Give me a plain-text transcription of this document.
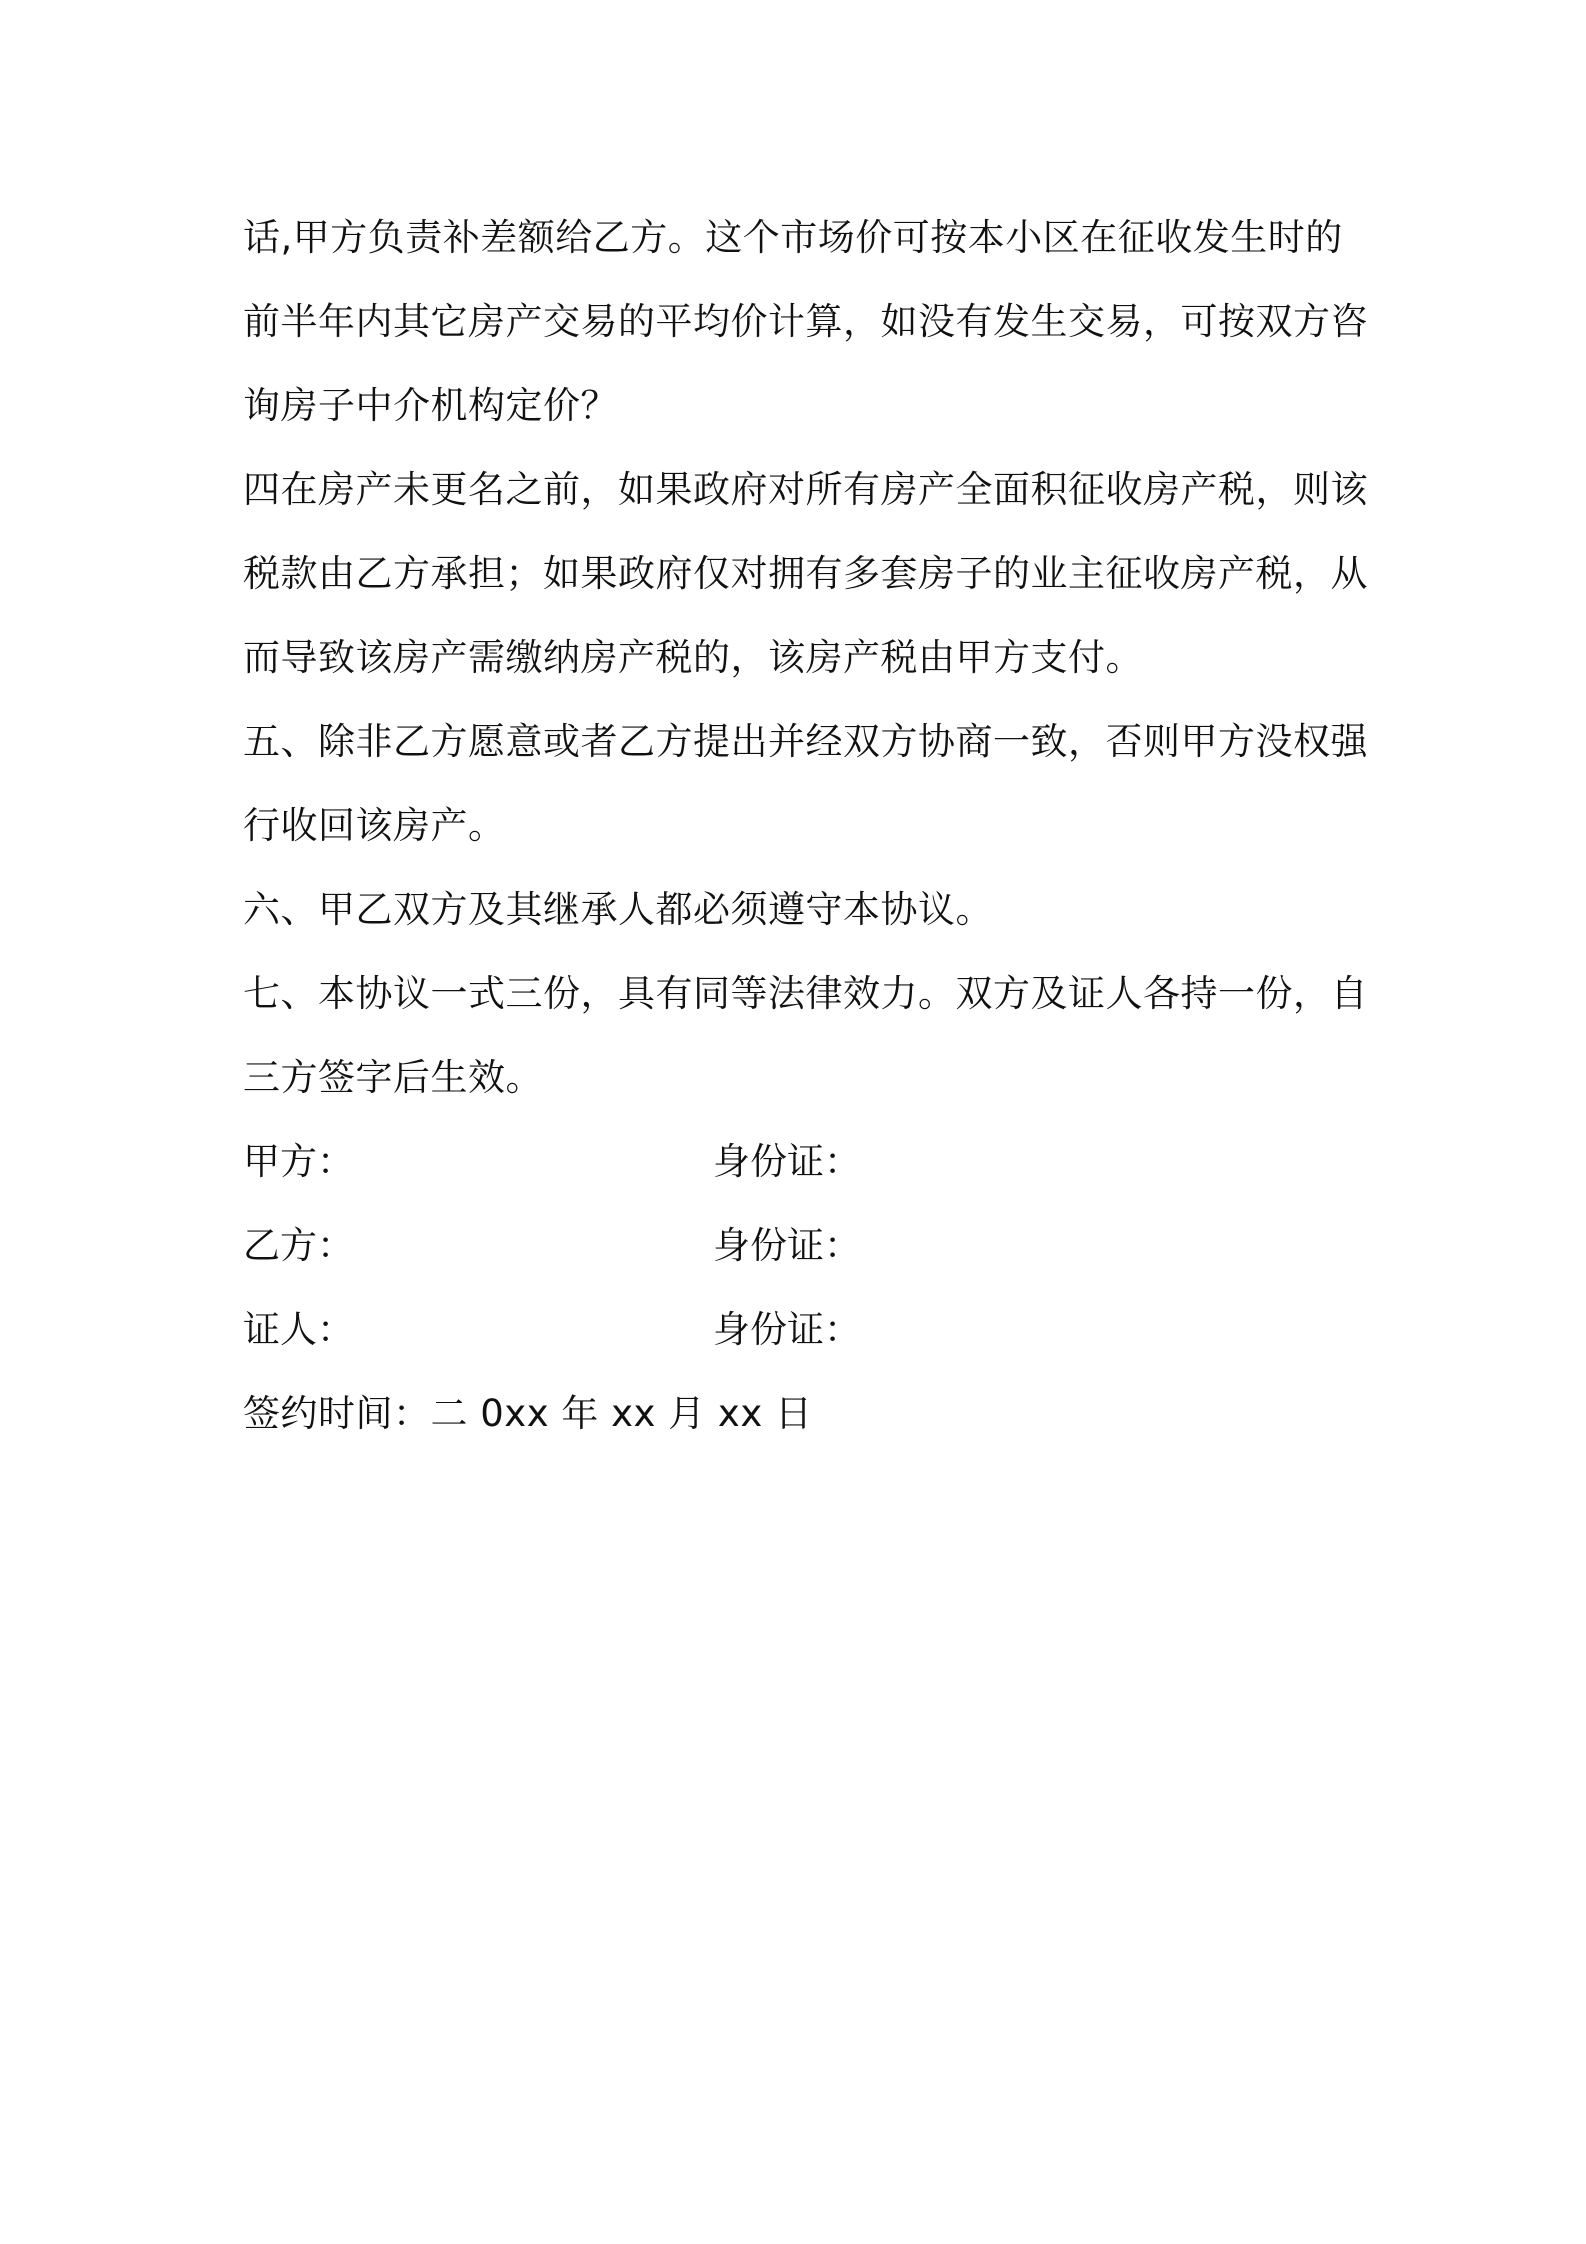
话,甲方负责补差额给乙方。这个市场价可按本小区在征收发生时的
前半年内其它房产交易的平均价计算，如没有发生交易，可按双方咨
询房子中介机构定价？
四在房产未更名之前，如果政府对所有房产全面积征收房产税，则该
税款由乙方承担；如果政府仅对拥有多套房子的业主征收房产税，从
而导致该房产需缴纳房产税的，该房产税由甲方支付。
五、除非乙方愿意或者乙方提出并经双方协商一致，否则甲方没权强
行收回该房产。
六、甲乙双方及其继承人都必须遵守本协议。
七、本协议一式三份，具有同等法律效力。双方及证人各持一份，自
三方签字后生效。
甲方：	身份证：
乙方：	身份证：
证人：	身份证：
签约时间：二 0xx 年 xx 月 xx 日
